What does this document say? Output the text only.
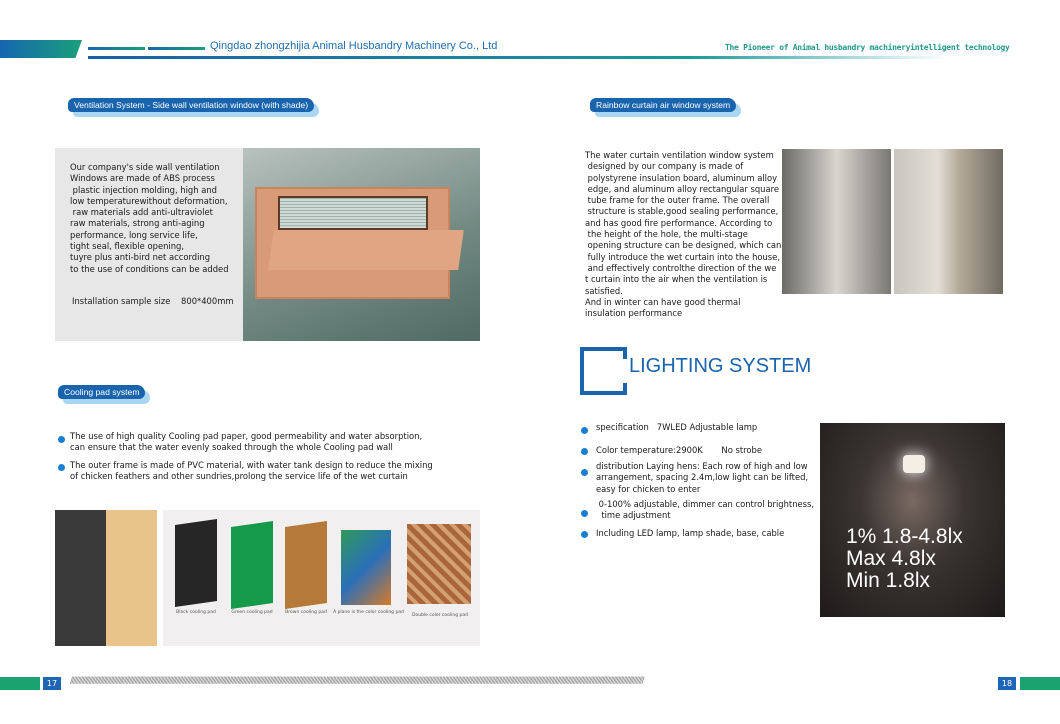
Qingdao zhongzhijia Animal Husbandry Machinery Co., Ltd	The Pioneer of Animal husbandry machineryintelligent technology
Ventilation System - Side wall ventilation window (with shade)
Our company's side wall ventilation
Windows are made of ABS process
plastic injection molding, high and
low temperaturewithout deformation,
raw materials add anti-ultraviolet
raw materials, strong anti-aging
performance, long service life,
tight seal, flexible opening,
tuyre plus anti-bird net according
to the use of conditions can be added
Installation sample size    800*400mm
Rainbow curtain air window system
The water curtain ventilation window system
designed by our company is made of
polystyrene insulation board, aluminum alloy
edge, and aluminum alloy rectangular square
tube frame for the outer frame. The overall
structure is stable,good sealing performance,
and has good fire performance. According to
the height of the hole, the multi-stage
opening structure can be designed, which can
fully introduce the wet curtain into the house,
and effectively controlthe direction of the we
t curtain into the air when the ventilation is
satisfied.
And in winter can have good thermal
insulation performance
LIGHTING SYSTEM
specification   7WLED Adjustable lamp
Color temperature:2900K       No strobe
distribution Laying hens: Each row of high and low
arrangement, spacing 2.4m,low light can be lifted,
easy for chicken to enter
0-100% adjustable, dimmer can control brightness,
time adjustment
Including LED lamp, lamp shade, base, cable	1% 1.8-4.8lx
Max 4.8lx
Min 1.8lx
Cooling pad system
The use of high quality Cooling pad paper, good permeability and water absorption,
can ensure that the water evenly soaked through the whole Cooling pad wall
The outer frame is made of PVC material, with water tank design to reduce the mixing
of chicken feathers and other sundries,prolong the service life of the wet curtain
Black cooling pad	Green cooling pad	Brown cooling pad	A plane is the color cooling pad
Double color cooling pad
17	////////////////////////////////////////////////////////////////////////////////////////////////////////////////////////////////////////////////////////////////////////////////////////////////////////////////////////////////////////////////////////////////////////////////////////////////////////////////////////////////////////////////////////////////////////////////////////////////////////////////	18
